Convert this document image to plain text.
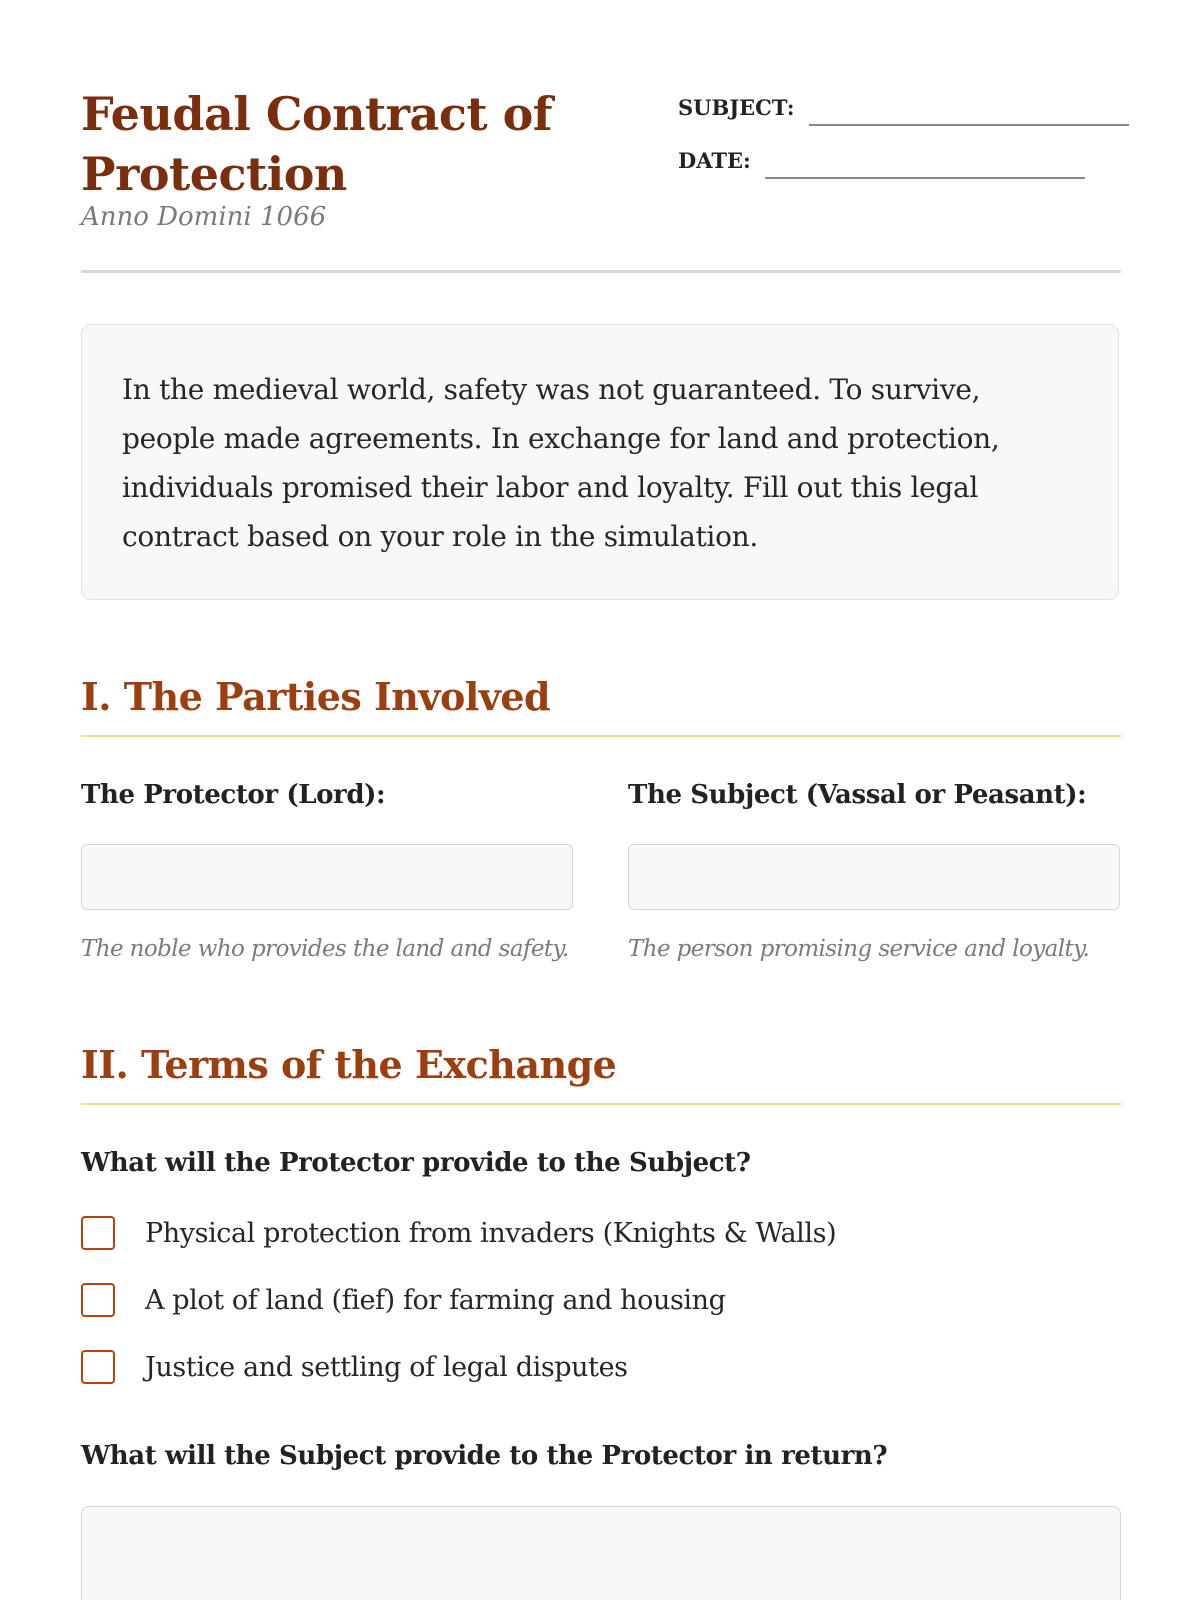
Feudal Contract of Protection

Anno Domini 1066

SUBJECT:
DATE:

In the medieval world, safety was not guaranteed. To survive, people made agreements. In exchange for land and protection, individuals promised their labor and loyalty. Fill out this legal contract based on your role in the simulation.

I. The Parties Involved

The Protector (Lord):

The noble who provides the land and safety.

The Subject (Vassal or Peasant):

The person promising service and loyalty.

II. Terms of the Exchange

What will the Protector provide to the Subject?

Physical protection from invaders (Knights & Walls)
A plot of land (fief) for farming and housing
Justice and settling of legal disputes

What will the Subject provide to the Protector in return?
